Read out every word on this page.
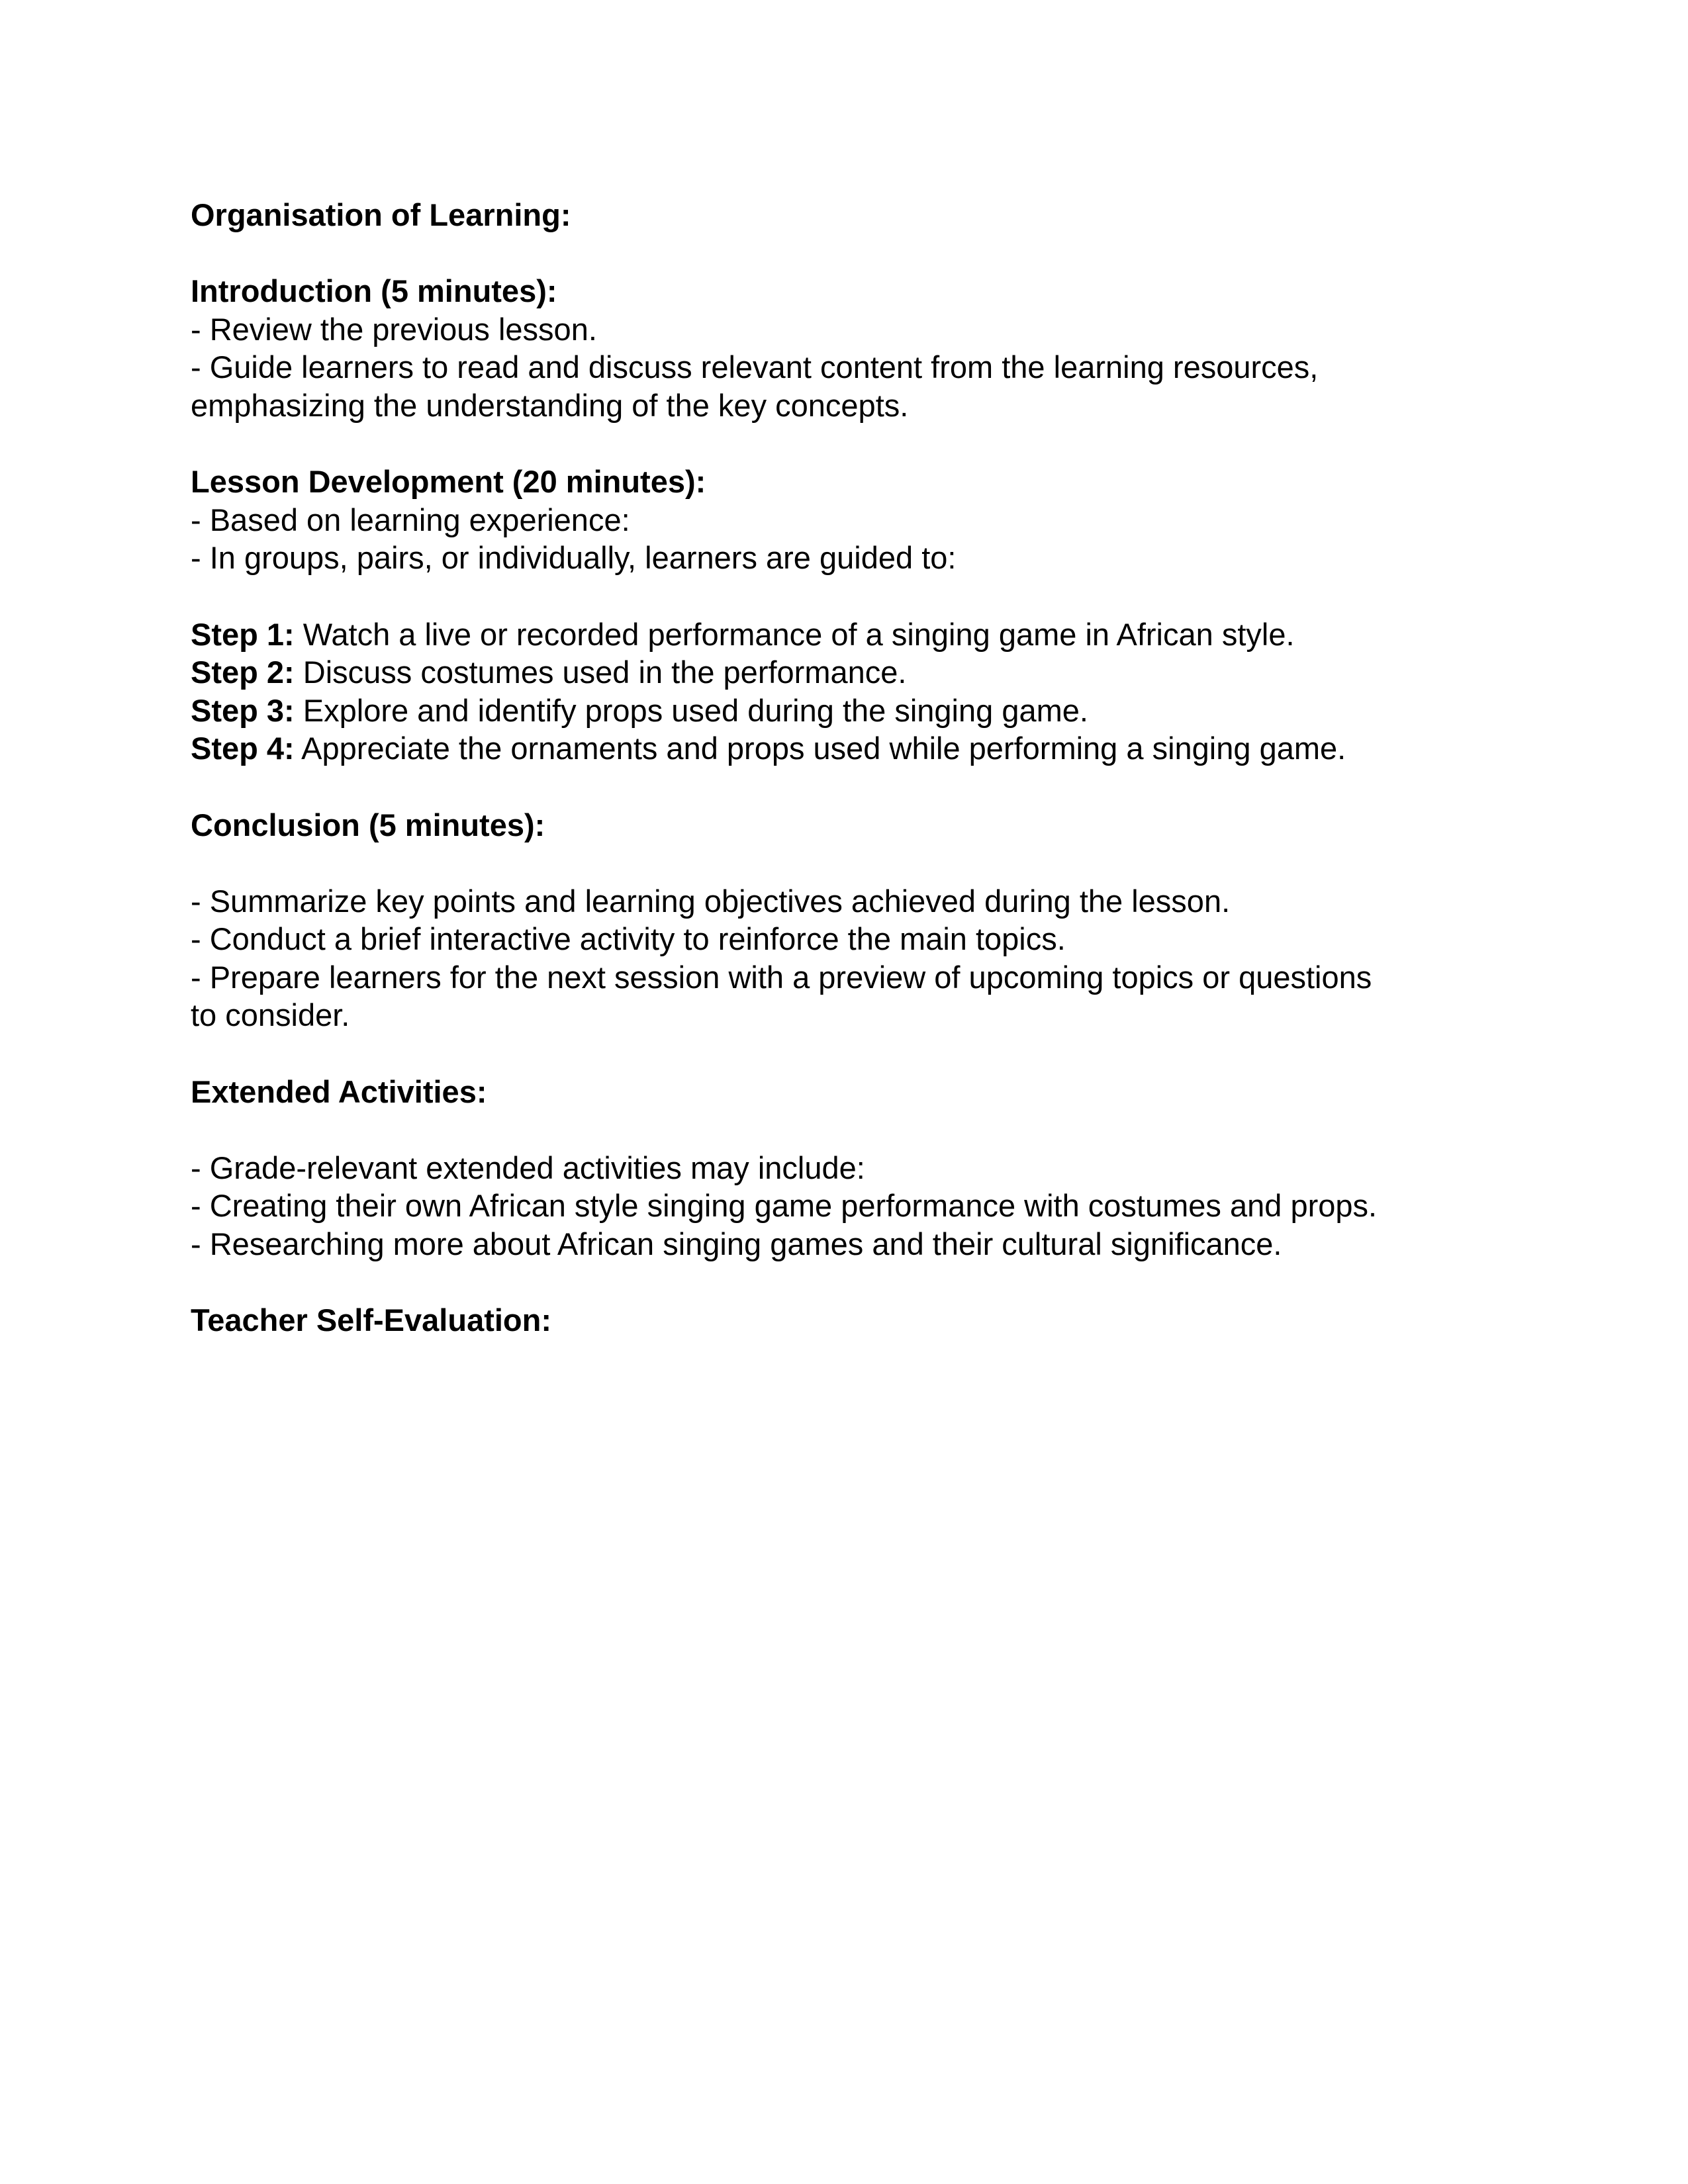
Organisation of Learning:
Introduction (5 minutes):
- Review the previous lesson.
- Guide learners to read and discuss relevant content from the learning resources,
emphasizing the understanding of the key concepts.
Lesson Development (20 minutes):
- Based on learning experience:
- In groups, pairs, or individually, learners are guided to:
Step 1: Watch a live or recorded performance of a singing game in African style.
Step 2: Discuss costumes used in the performance.
Step 3: Explore and identify props used during the singing game.
Step 4: Appreciate the ornaments and props used while performing a singing game.
Conclusion (5 minutes):
- Summarize key points and learning objectives achieved during the lesson.
- Conduct a brief interactive activity to reinforce the main topics.
- Prepare learners for the next session with a preview of upcoming topics or questions
to consider.
Extended Activities:
- Grade-relevant extended activities may include:
- Creating their own African style singing game performance with costumes and props.
- Researching more about African singing games and their cultural significance.
Teacher Self-Evaluation:
